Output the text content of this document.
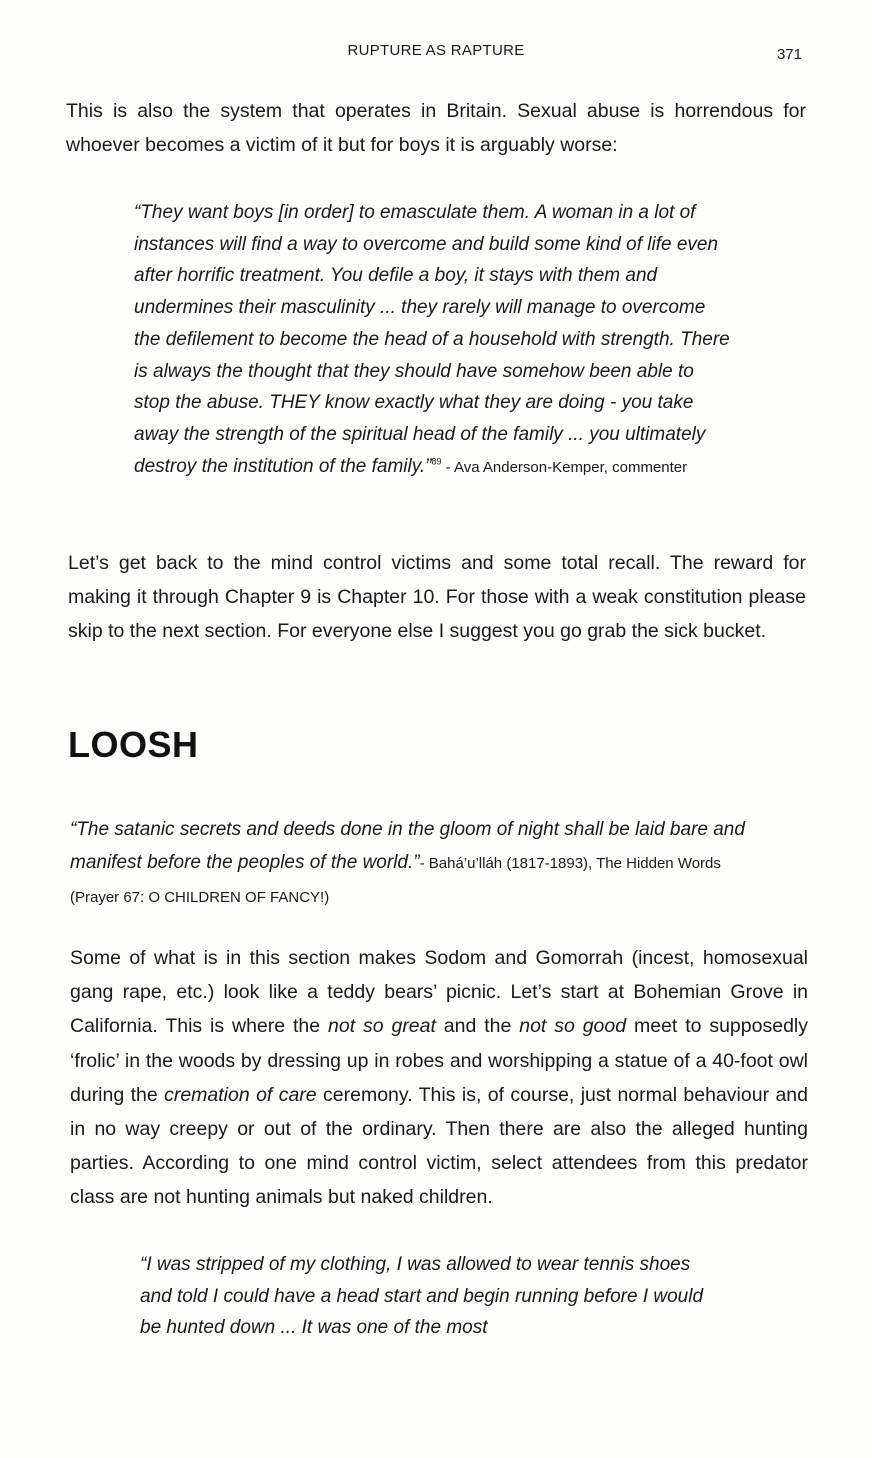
RUPTURE AS RAPTURE	371

This is also the system that operates in Britain. Sexual abuse is horrendous for whoever becomes a victim of it but for boys it is arguably worse:

“They want boys [in order] to emasculate them. A woman in a lot of instances will find a way to overcome and build some kind of life even after horrific treatment. You defile a boy, it stays with them and undermines their masculinity ... they rarely will manage to overcome the defilement to become the head of a household with strength. There is always the thought that they should have somehow been able to stop the abuse. THEY know exactly what they are doing - you take away the strength of the spiritual head of the family ... you ultimately destroy the institution of the family.”$^{89}$ - Ava Anderson-Kemper, commenter

Let’s get back to the mind control victims and some total recall. The reward for making it through Chapter 9 is Chapter 10. For those with a weak constitution please skip to the next section. For everyone else I suggest you go grab the sick bucket.

LOOSH

“The satanic secrets and deeds done in the gloom of night shall be laid bare and manifest before the peoples of the world.”- Bahá’u’lláh (1817-1893), The Hidden Words (Prayer 67: O CHILDREN OF FANCY!)

Some of what is in this section makes Sodom and Gomorrah (incest, homosexual gang rape, etc.) look like a teddy bears’ picnic. Let’s start at Bohemian Grove in California. This is where the not so great and the not so good meet to supposedly ‘frolic’ in the woods by dressing up in robes and worshipping a statue of a 40-foot owl during the cremation of care ceremony. This is, of course, just normal behaviour and in no way creepy or out of the ordinary. Then there are also the alleged hunting parties. According to one mind control victim, select attendees from this predator class are not hunting animals but naked children.

“I was stripped of my clothing, I was allowed to wear tennis shoes and told I could have a head start and begin running before I would be hunted down ... It was one of the most
